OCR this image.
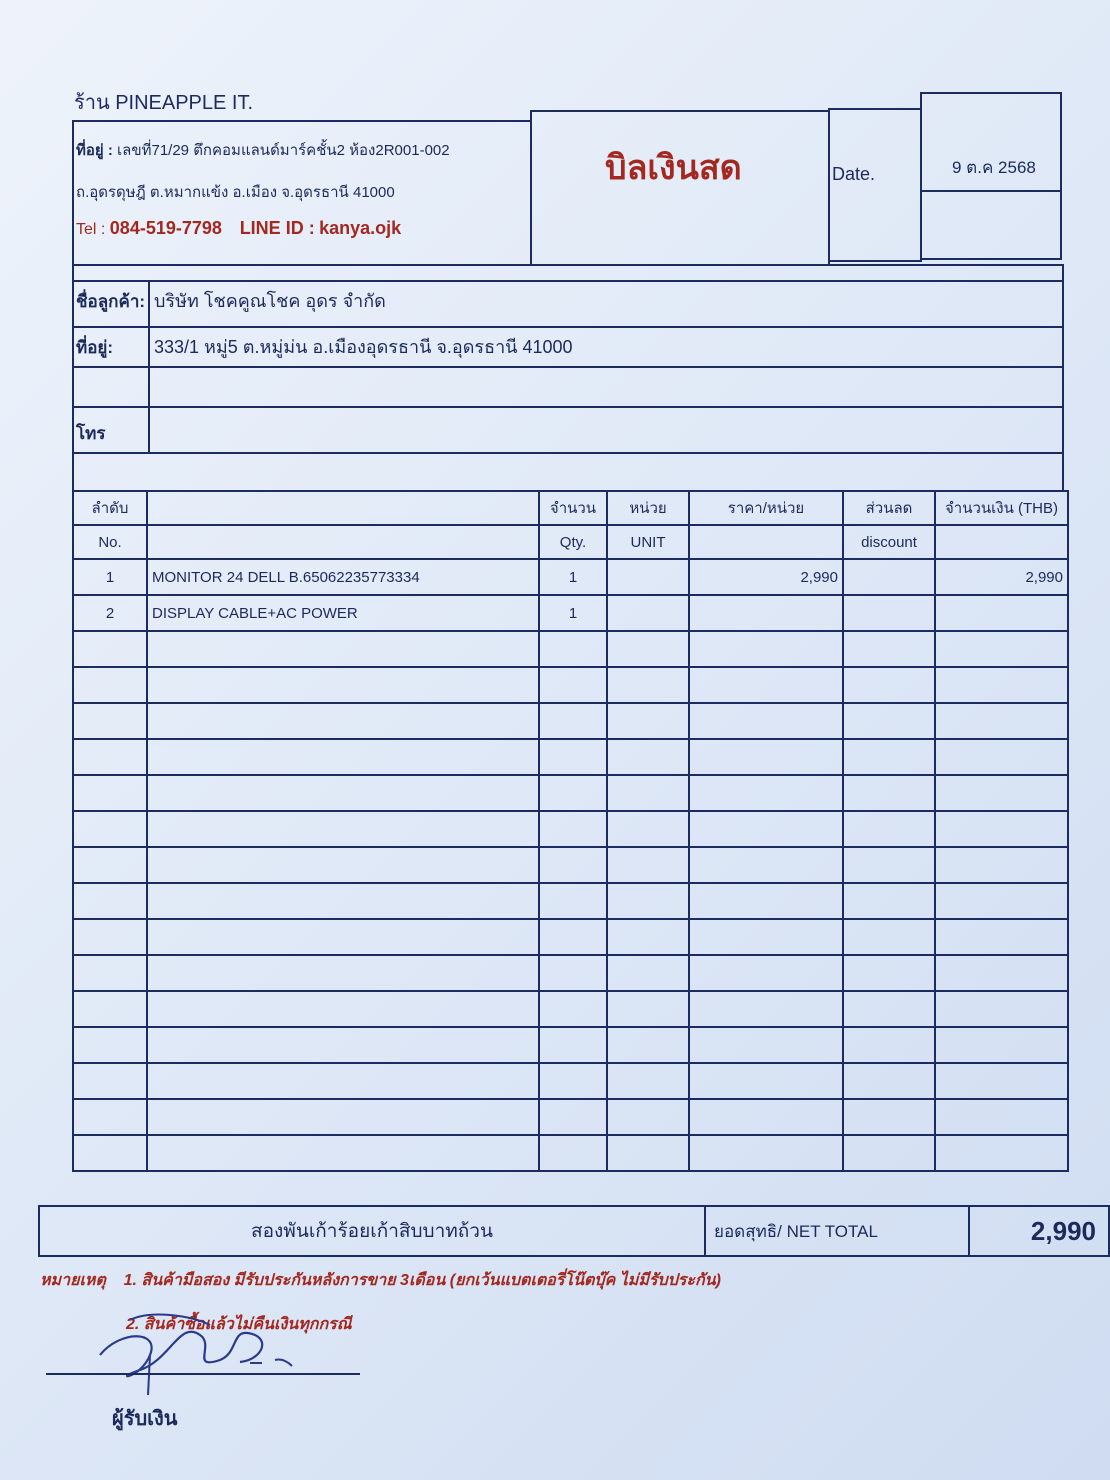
ร้าน PINEAPPLE IT.
ที่อยู่ : เลขที่71/29 ตึกคอมแลนด์มาร์คชั้น2 ห้อง2R001-002
ถ.อุดรดุษฎี ต.หมากแข้ง อ.เมือง จ.อุดรธานี 41000
Tel : 084-519-7798 LINE ID : kanya.ojk
บิลเงินสด	Date.	9 ต.ค 2568
ชื่อลูกค้า: บริษัท โชคคูณโชค อุดร จำกัด
ที่อยู่: 333/1 หมู่5 ต.หมู่ม่น อ.เมืองอุดรธานี จ.อุดรธานี 41000
โทร
ลำดับ		จำนวน	หน่วย	ราคา/หน่วย	ส่วนลด	จำนวนเงิน (THB)
No.		Qty.	UNIT		discount	
1	MONITOR 24 DELL B.65062235773334	1		2,990		2,990
2	DISPLAY CABLE+AC POWER	1				

สองพันเก้าร้อยเก้าสิบบาทถ้วน	ยอดสุทธิ/ NET TOTAL	2,990
หมายเหตุ 1. สินค้ามือสอง มีรับประกันหลังการขาย 3เดือน (ยกเว้นแบตเตอรี่โน๊ตบุ๊ค ไม่มีรับประกัน)
2. สินค้าซื้อแล้วไม่คืนเงินทุกกรณี
ผู้รับเงิน
